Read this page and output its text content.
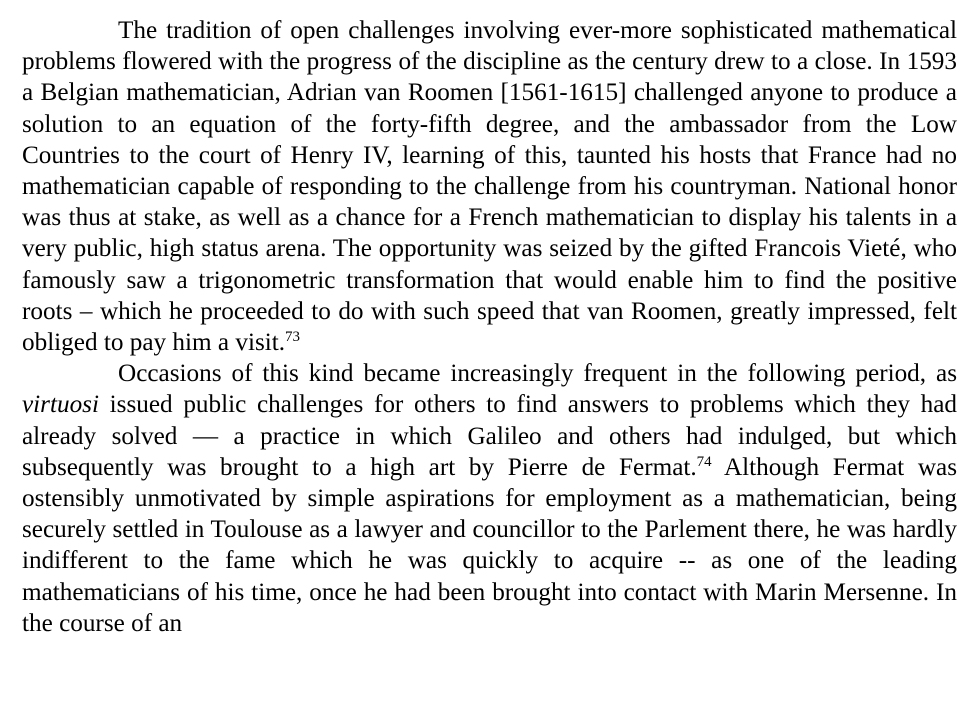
The tradition of open challenges involving ever-more sophisticated mathematical problems flowered with the progress of the discipline as the century drew to a close. In 1593 a Belgian mathematician, Adrian van Roomen [1561-1615] challenged anyone to produce a solution to an equation of the forty-fifth degree, and the ambassador from the Low Countries to the court of Henry IV, learning of this, taunted his hosts that France had no mathematician capable of responding to the challenge from his countryman. National honor was thus at stake, as well as a chance for a French mathematician to display his talents in a very public, high status arena. The opportunity was seized by the gifted Francois Vieté, who famously saw a trigonometric transformation that would enable him to find the positive roots – which he proceeded to do with such speed that van Roomen, greatly impressed, felt obliged to pay him a visit.$^{73}$

Occasions of this kind became increasingly frequent in the following period, as virtuosi issued public challenges for others to find answers to problems which they had already solved — a practice in which Galileo and others had indulged, but which subsequently was brought to a high art by Pierre de Fermat.$^{74}$ Although Fermat was ostensibly unmotivated by simple aspirations for employment as a mathematician, being securely settled in Toulouse as a lawyer and councillor to the Parlement there, he was hardly indifferent to the fame which he was quickly to acquire -- as one of the leading mathematicians of his time, once he had been brought into contact with Marin Mersenne. In the course of an
